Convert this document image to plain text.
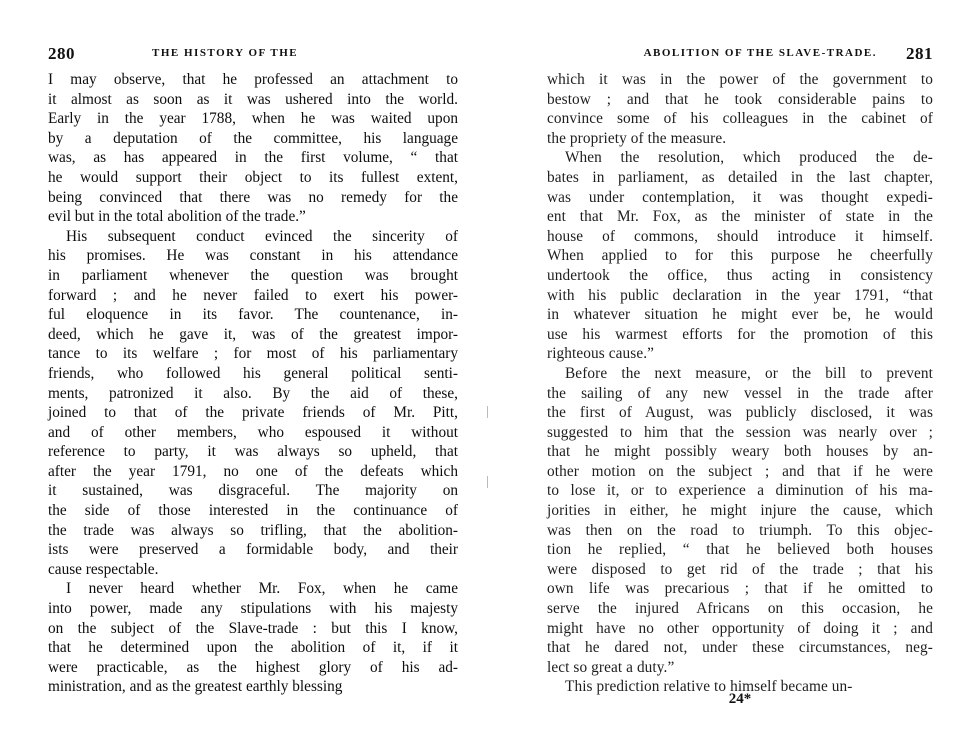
280	THE HISTORY OF THE
I may observe, that he professed an attachment to
it almost as soon as it was ushered into the world.
Early in the year 1788, when he was waited upon
by a deputation of the committee, his language
was, as has appeared in the first volume, “ that
he would support their object to its fullest extent,
being convinced that there was no remedy for the
evil but in the total abolition of the trade.”
His subsequent conduct evinced the sincerity of
his promises. He was constant in his attendance
in parliament whenever the question was brought
forward ; and he never failed to exert his power-
ful eloquence in its favor. The countenance, in-
deed, which he gave it, was of the greatest impor-
tance to its welfare ; for most of his parliamentary
friends, who followed his general political senti-
ments, patronized it also. By the aid of these,
joined to that of the private friends of Mr. Pitt,
and of other members, who espoused it without
reference to party, it was always so upheld, that
after the year 1791, no one of the defeats which
it sustained, was disgraceful. The majority on
the side of those interested in the continuance of
the trade was always so trifling, that the abolition-
ists were preserved a formidable body, and their
cause respectable.
I never heard whether Mr. Fox, when he came
into power, made any stipulations with his majesty
on the subject of the Slave-trade : but this I know,
that he determined upon the abolition of it, if it
were practicable, as the highest glory of his ad-
ministration, and as the greatest earthly blessing
ABOLITION OF THE SLAVE-TRADE. 281
which it was in the power of the government to
bestow ; and that he took considerable pains to
convince some of his colleagues in the cabinet of
the propriety of the measure.
When the resolution, which produced the de-
bates in parliament, as detailed in the last chapter,
was under contemplation, it was thought expedi-
ent that Mr. Fox, as the minister of state in the
house of commons, should introduce it himself.
When applied to for this purpose he cheerfully
undertook the office, thus acting in consistency
with his public declaration in the year 1791, “that
in whatever situation he might ever be, he would
use his warmest efforts for the promotion of this
righteous cause.”
Before the next measure, or the bill to prevent
the sailing of any new vessel in the trade after
the first of August, was publicly disclosed, it was
suggested to him that the session was nearly over ;
that he might possibly weary both houses by an-
other motion on the subject ; and that if he were
to lose it, or to experience a diminution of his ma-
jorities in either, he might injure the cause, which
was then on the road to triumph. To this objec-
tion he replied, “ that he believed both houses
were disposed to get rid of the trade ; that his
own life was precarious ; that if he omitted to
serve the injured Africans on this occasion, he
might have no other opportunity of doing it ; and
that he dared not, under these circumstances, neg-
lect so great a duty.”
This prediction relative to himself became un-
24*
